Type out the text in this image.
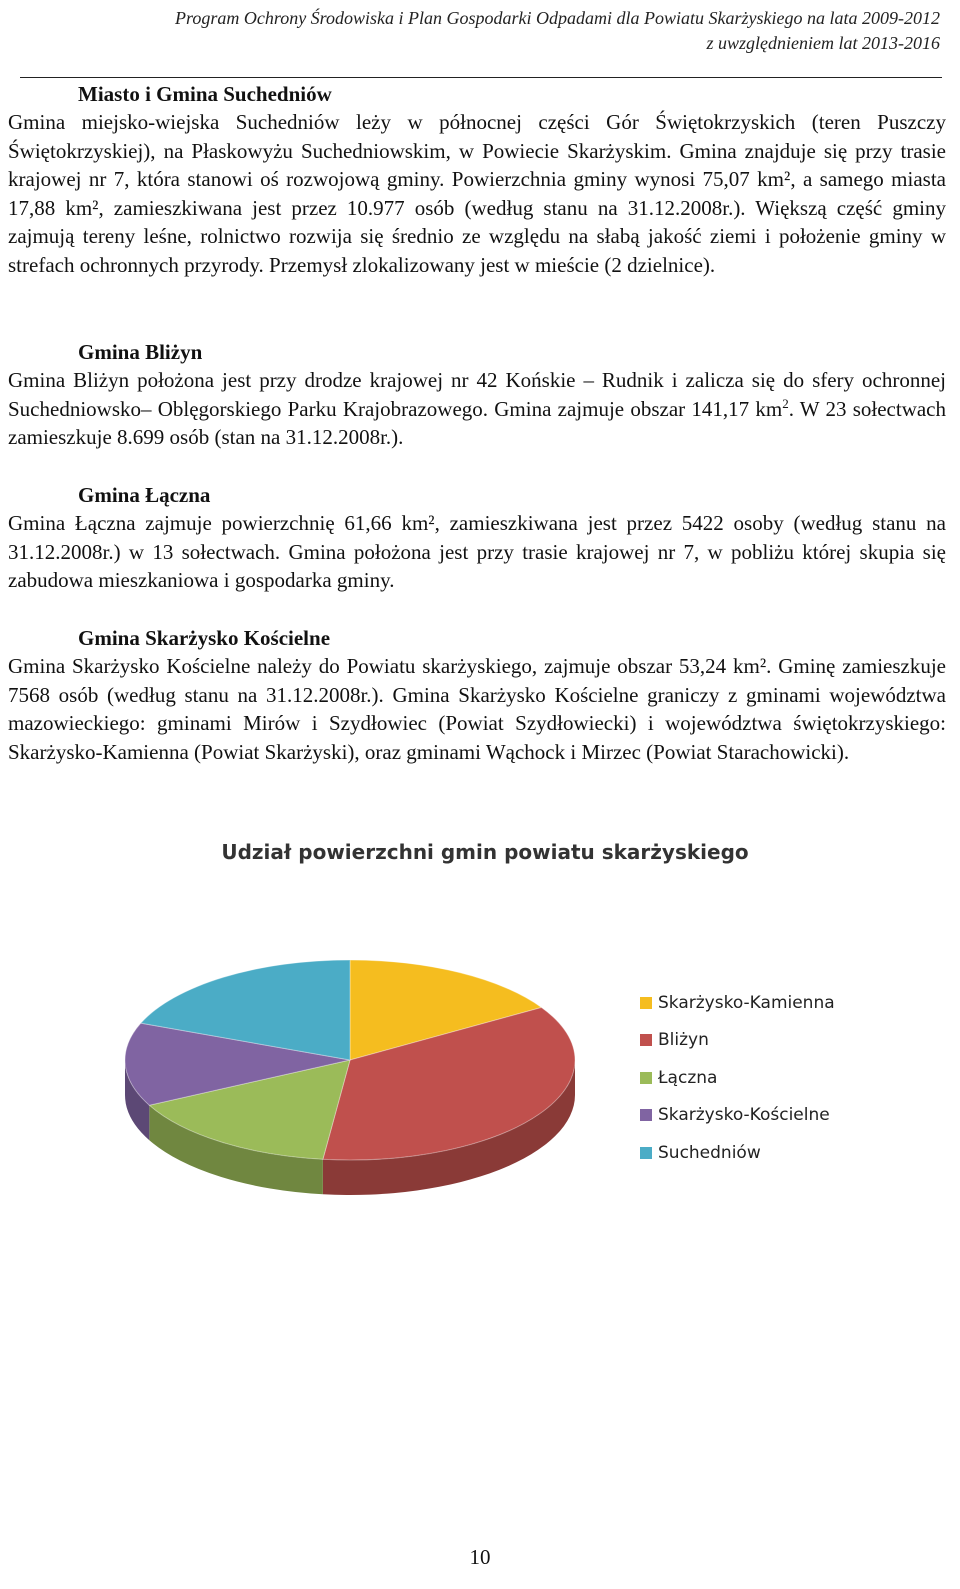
Program Ochrony Środowiska i Plan Gospodarki Odpadami dla Powiatu Skarżyskiego na lata 2009-2012
z uwzględnieniem lat 2013-2016
Miasto i Gmina Suchedniów

Gmina miejsko-wiejska Suchedniów leży w północnej części Gór Świętokrzyskich (teren Puszczy Świętokrzyskiej), na Płaskowyżu Suchedniowskim, w Powiecie Skarżyskim. Gmina znajduje się przy trasie krajowej nr 7, która stanowi oś rozwojową gminy. Powierzchnia gminy wynosi 75,07 km², a samego miasta 17,88 km², zamieszkiwana jest przez 10.977 osób (według stanu na 31.12.2008r.). Większą część gminy zajmują tereny leśne, rolnictwo rozwija się średnio ze względu na słabą jakość ziemi i położenie gminy w strefach ochronnych przyrody. Przemysł zlokalizowany jest w mieście (2 dzielnice).

Gmina Bliżyn

Gmina Bliżyn położona jest przy drodze krajowej nr 42 Końskie – Rudnik i zalicza się do sfery ochronnej Suchedniowsko– Oblęgorskiego Parku Krajobrazowego. Gmina zajmuje obszar 141,17 $km^2$. W 23 sołectwach zamieszkuje 8.699 osób (stan na 31.12.2008r.).

Gmina Łączna

Gmina Łączna zajmuje powierzchnię 61,66 km², zamieszkiwana jest przez 5422 osoby (według stanu na 31.12.2008r.) w 13 sołectwach. Gmina położona jest przy trasie krajowej nr 7, w pobliżu której skupia się zabudowa mieszkaniowa i gospodarka gminy.

Gmina Skarżysko Kościelne

Gmina Skarżysko Kościelne należy do Powiatu skarżyskiego, zajmuje obszar 53,24 km². Gminę zamieszkuje 7568 osób (według stanu na 31.12.2008r.). Gmina Skarżysko Kościelne graniczy z gminami województwa mazowieckiego: gminami Mirów i Szydłowiec (Powiat Szydłowiecki) i województwa świętokrzyskiego: Skarżysko-Kamienna (Powiat Skarżyski), oraz gminami Wąchock i Mirzec (Powiat Starachowicki).

Udział powierzchni gmin powiatu skarżyskiego
Skarżysko-Kamienna
Bliżyn
Łączna
Skarżysko-Kościelne
Suchedniów
10
